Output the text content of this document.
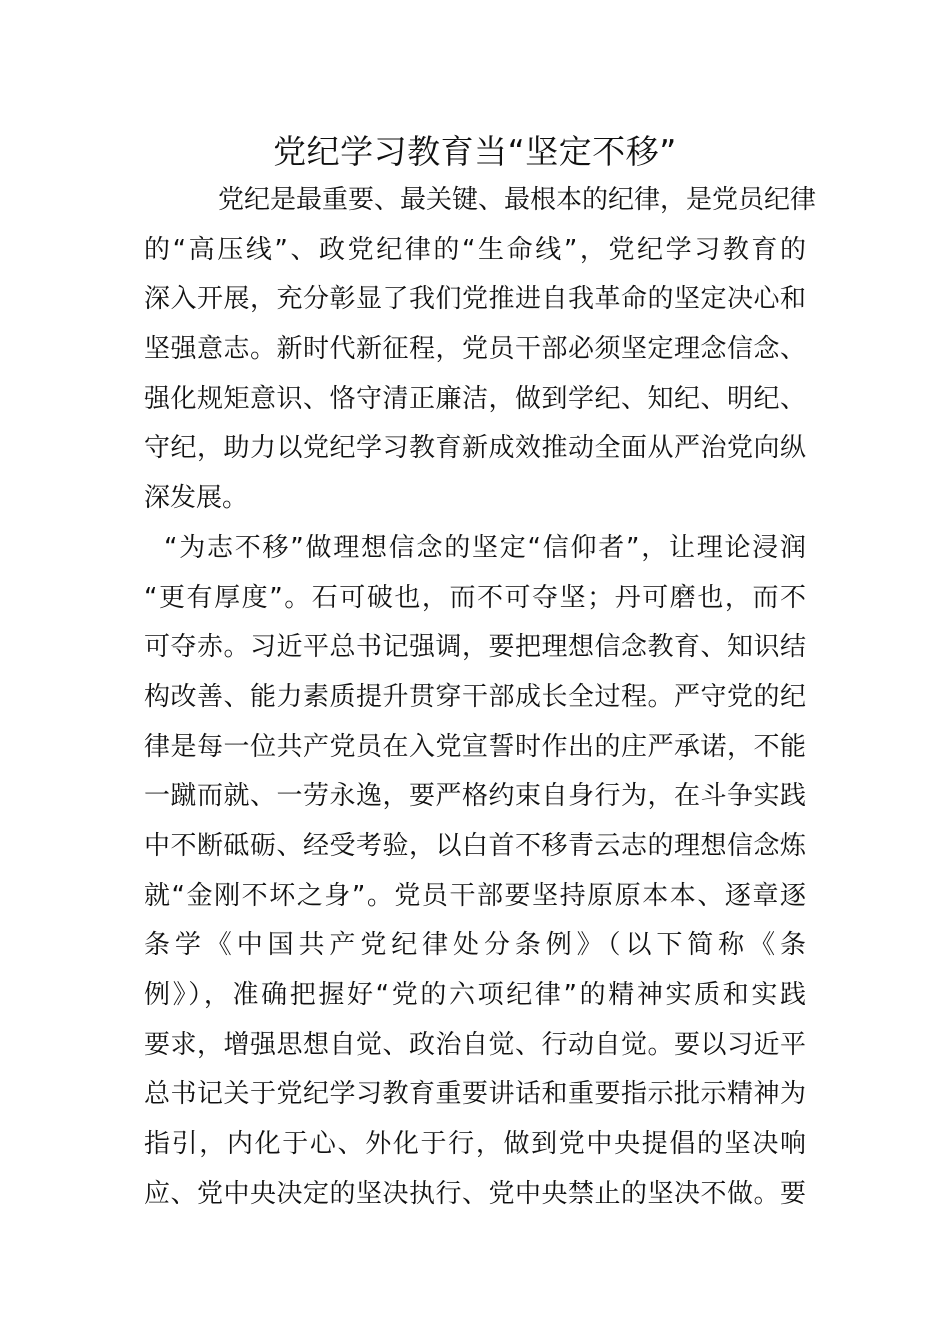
党纪学习教育当“坚定不移”
党纪是最重要、最关键、最根本的纪律，是党员纪律
的“高压线”、政党纪律的“生命线”，党纪学习教育的
深入开展，充分彰显了我们党推进自我革命的坚定决心和
坚强意志。新时代新征程，党员干部必须坚定理念信念、
强化规矩意识、恪守清正廉洁，做到学纪、知纪、明纪、
守纪，助力以党纪学习教育新成效推动全面从严治党向纵
深发展。
“为志不移”做理想信念的坚定“信仰者”，让理论浸润
“更有厚度”。石可破也，而不可夺坚；丹可磨也，而不
可夺赤。习近平总书记强调，要把理想信念教育、知识结
构改善、能力素质提升贯穿干部成长全过程。严守党的纪
律是每一位共产党员在入党宣誓时作出的庄严承诺，不能
一蹴而就、一劳永逸，要严格约束自身行为，在斗争实践
中不断砥砺、经受考验，以白首不移青云志的理想信念炼
就“金刚不坏之身”。党员干部要坚持原原本本、逐章逐
条学《中国共产党纪律处分条例》（以下简称《条
例》），准确把握好“党的六项纪律”的精神实质和实践
要求，增强思想自觉、政治自觉、行动自觉。要以习近平
总书记关于党纪学习教育重要讲话和重要指示批示精神为
指引，内化于心、外化于行，做到党中央提倡的坚决响
应、党中央决定的坚决执行、党中央禁止的坚决不做。要
